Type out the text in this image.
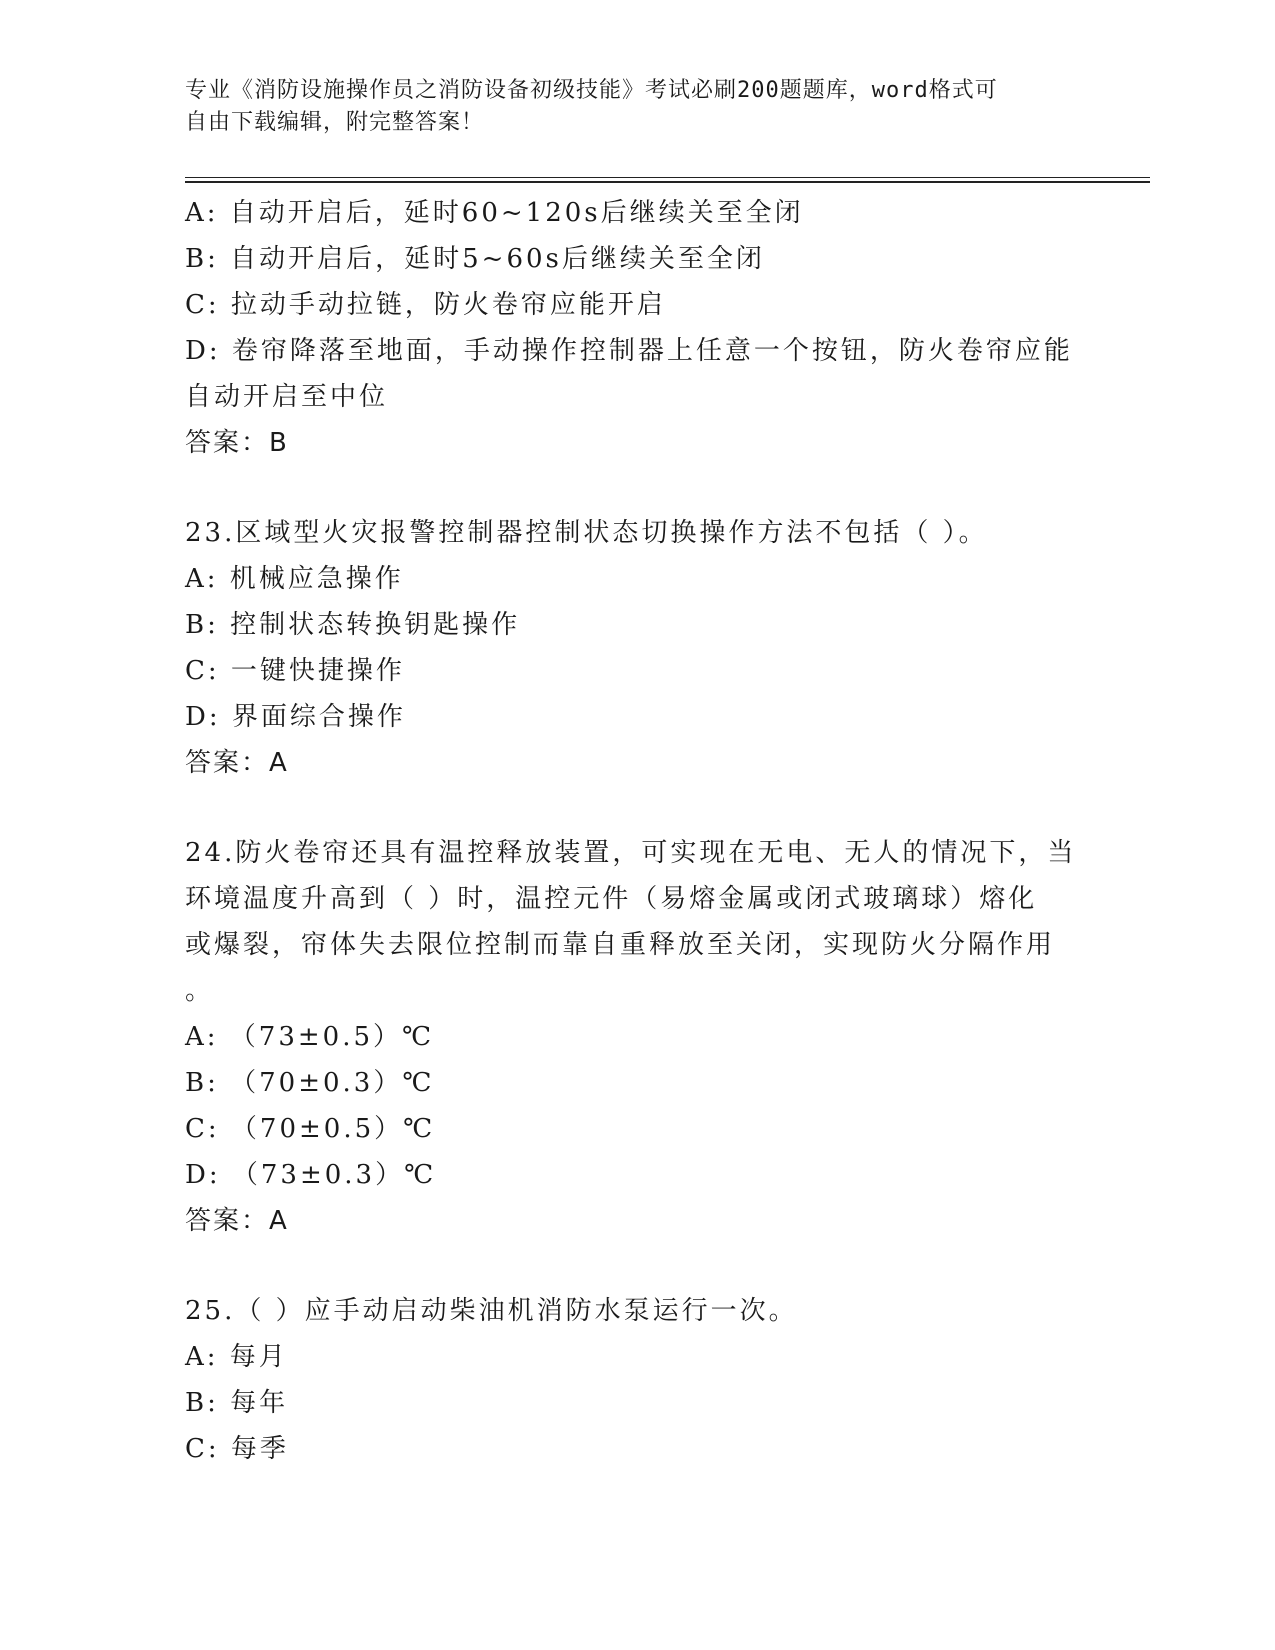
专业《消防设施操作员之消防设备初级技能》考试必刷200题题库，word格式可
自由下载编辑，附完整答案！
A: 自动开启后，延时60~120s后继续关至全闭
B: 自动开启后，延时5~60s后继续关至全闭
C: 拉动手动拉链，防火卷帘应能开启
D: 卷帘降落至地面，手动操作控制器上任意一个按钮，防火卷帘应能
自动开启至中位
答案：B
23.区域型火灾报警控制器控制状态切换操作方法不包括（ ）。
A: 机械应急操作
B: 控制状态转换钥匙操作
C: 一键快捷操作
D: 界面综合操作
答案：A
24.防火卷帘还具有温控释放装置，可实现在无电、无人的情况下，当
环境温度升高到（ ）时，温控元件（易熔金属或闭式玻璃球）熔化
或爆裂，帘体失去限位控制而靠自重释放至关闭，实现防火分隔作用
。
A: （73±0.5）℃
B: （70±0.3）℃
C: （70±0.5）℃
D: （73±0.3）℃
答案：A
25.（ ）应手动启动柴油机消防水泵运行一次。
A: 每月
B: 每年
C: 每季
